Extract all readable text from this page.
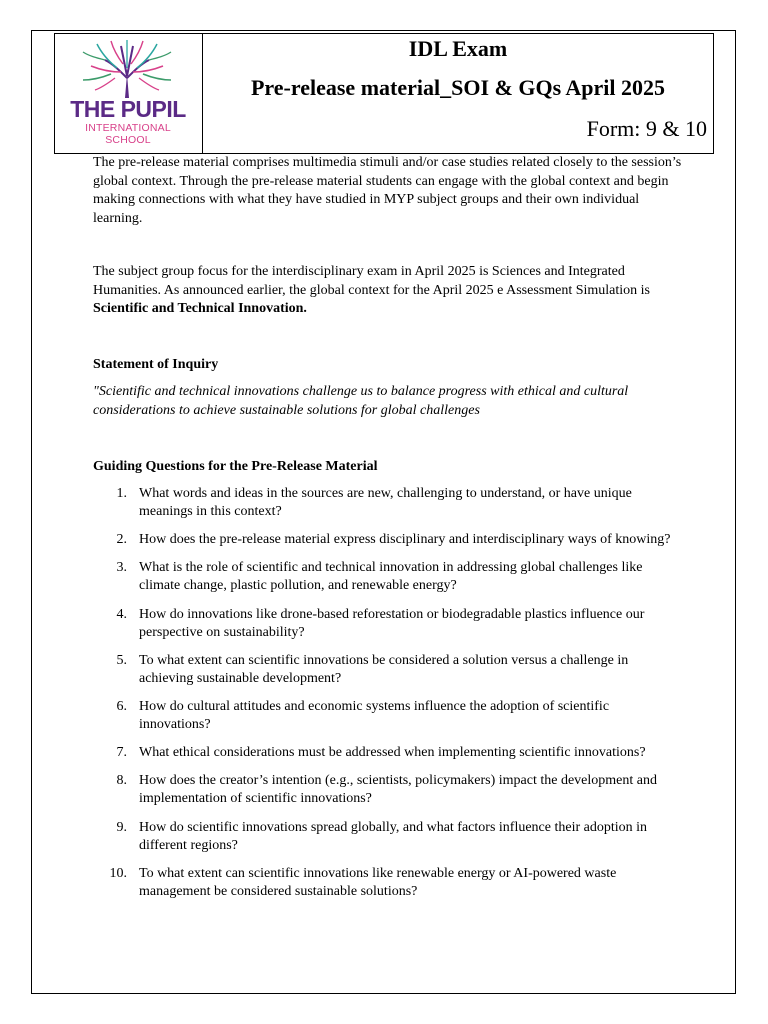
THE PUPIL
INTERNATIONAL SCHOOL
IDL Exam
Pre-release material_SOI & GQs April 2025
Form: 9 & 10

The pre-release material comprises multimedia stimuli and/or case studies related closely to the session’s global context. Through the pre-release material students can engage with the global context and begin making connections with what they have studied in MYP subject groups and their own individual learning.

The subject group focus for the interdisciplinary exam in April 2025 is Sciences and Integrated Humanities. As announced earlier, the global context for the April 2025 e Assessment Simulation is Scientific and Technical Innovation.

Statement of Inquiry
"Scientific and technical innovations challenge us to balance progress with ethical and cultural considerations to achieve sustainable solutions for global challenges
Guiding Questions for the Pre-Release Material
1. What words and ideas in the sources are new, challenging to understand, or have unique meanings in this context?
2. How does the pre-release material express disciplinary and interdisciplinary ways of knowing?
3. What is the role of scientific and technical innovation in addressing global challenges like climate change, plastic pollution, and renewable energy?
4. How do innovations like drone-based reforestation or biodegradable plastics influence our perspective on sustainability?
5. To what extent can scientific innovations be considered a solution versus a challenge in achieving sustainable development?
6. How do cultural attitudes and economic systems influence the adoption of scientific innovations?
7. What ethical considerations must be addressed when implementing scientific innovations?
8. How does the creator’s intention (e.g., scientists, policymakers) impact the development and implementation of scientific innovations?
9. How do scientific innovations spread globally, and what factors influence their adoption in different regions?
10. To what extent can scientific innovations like renewable energy or AI-powered waste management be considered sustainable solutions?
